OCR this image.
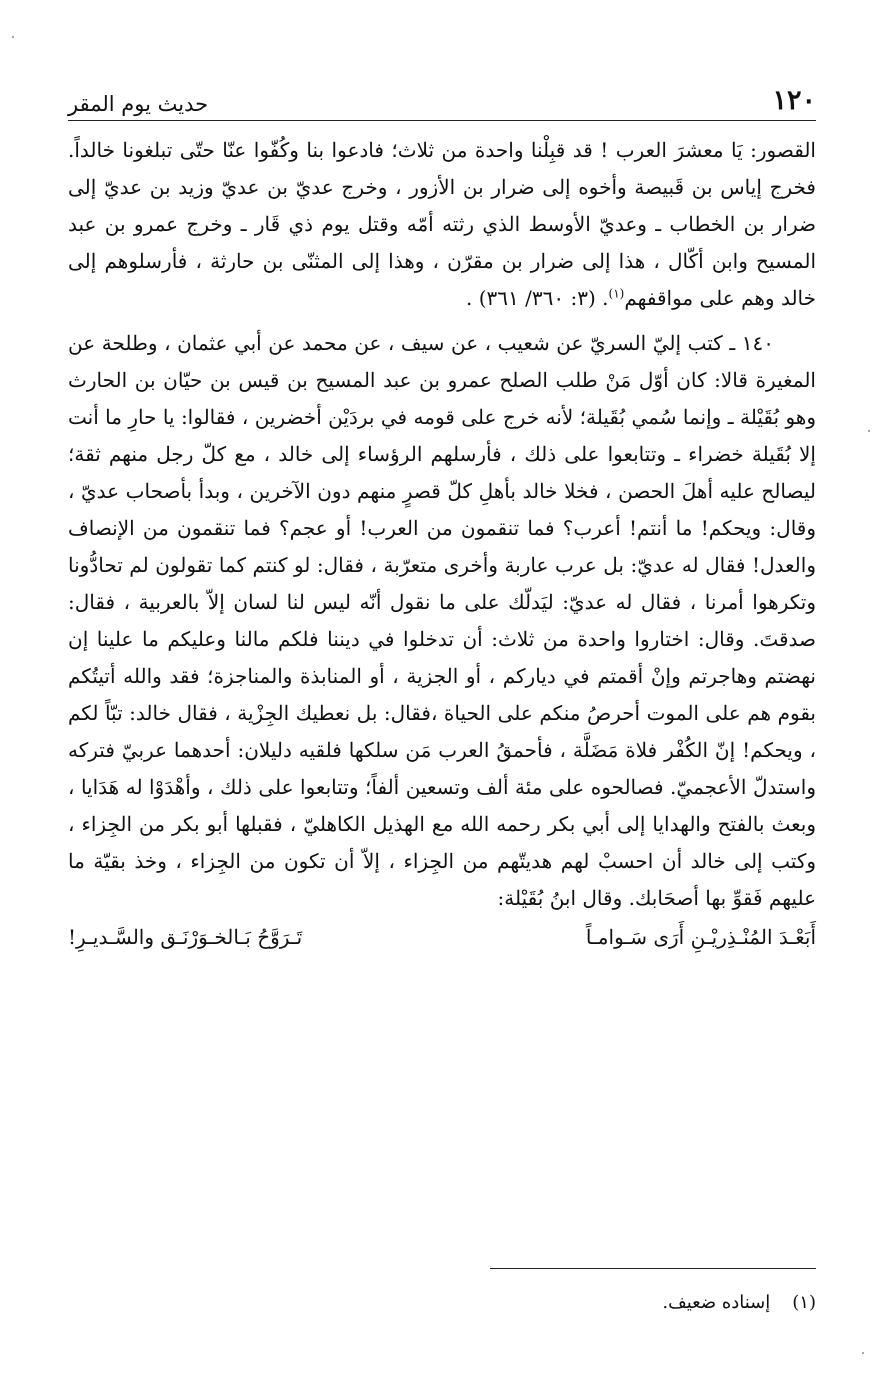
١٢٠
حديث يوم المقر

القصور: يَا معشرَ العرب ! قد قبِلْنا واحدة من ثلاث؛ فادعوا بنا وكُفّوا عنّا حتّى تبلغونا خالداً. فخرج إياس بن قَبيصة وأخوه إلى ضرار بن الأزور ، وخرج عديّ بن عديّ وزيد بن عديّ إلى ضرار بن الخطاب ـ وعديّ الأوسط الذي رثته أمّه وقتل يوم ذي قَار ـ وخرج عمرو بن عبد المسيح وابن أكّال ، هذا إلى ضرار بن مقرّن ، وهذا إلى المثنّى بن حارثة ، فأرسلوهم إلى خالد وهم على مواقفهم$^{(١)}$. (٣: ٣٦٠/ ٣٦١) .

١٤٠ ـ كتب إليّ السريّ عن شعيب ، عن سيف ، عن محمد عن أبي عثمان ، وطلحة عن المغيرة قالا: كان أوّل مَنْ طلب الصلح عمرو بن عبد المسيح بن قيس بن حيّان بن الحارث وهو بُقَيْلة ـ وإنما سُمي بُقَيلة؛ لأنه خرج على قومه في بردَيْن أخضرين ، فقالوا: يا حارِ ما أنت إلا بُقَيلة خضراء ـ وتتابعوا على ذلك ، فأرسلهم الرؤساء إلى خالد ، مع كلّ رجل منهم ثقة؛ ليصالح عليه أهلَ الحصن ، فخلا خالد بأهلِ كلّ قصرٍ منهم دون الآخرين ، وبدأ بأصحاب عديّ ، وقال: ويحكم! ما أنتم! أعرب؟ فما تنقمون من العرب! أو عجم؟ فما تنقمون من الإنصاف والعدل! فقال له عديّ: بل عرب عاربة وأخرى متعرّبة ، فقال: لو كنتم كما تقولون لم تحادُّونا وتكرهوا أمرنا ، فقال له عديّ: ليَدلّك على ما نقول أنّه ليس لنا لسان إلاّ بالعربية ، فقال: صدقتَ. وقال: اختاروا واحدة من ثلاث: أن تدخلوا في ديننا فلكم مالنا وعليكم ما علينا إن نهضتم وهاجرتم وإنْ أقمتم في دياركم ، أو الجزية ، أو المنابذة والمناجزة؛ فقد والله أتيتُكم بقوم هم على الموت أحرصُ منكم على الحياة ،فقال: بل نعطيك الجِزْية ، فقال خالد: تبّاً لكم ، ويحكم! إنّ الكُفْر فلاة مَضَلَّة ، فأحمقُ العرب مَن سلكها فلقيه دليلان: أحدهما عربيّ فتركه واستدلّ الأعجميّ. فصالحوه على مئة ألف وتسعين ألفاً؛ وتتابعوا على ذلك ، وأهْدَوْا له هَدَايا ، وبعث بالفتح والهدايا إلى أبي بكر رحمه الله مع الهذيل الكاهليّ ، فقبلها أبو بكر من الجِزاء ، وكتب إلى خالد أن احسبْ لهم هديتّهم من الجِزاء ، إلاّ أن تكون من الجِزاء ، وخذ بقيّة ما عليهم فَقوِّ بها أصحَابك. وقال ابنُ بُقَيْلة:

أَبَعْـدَ المُنْـذِريْـنِ أَرَى سَـوامـاً
تَـرَوَّحُ بَـالخـوَرْنَـق والسَّـديـرِ!
(١)
إسناده ضعيف.
